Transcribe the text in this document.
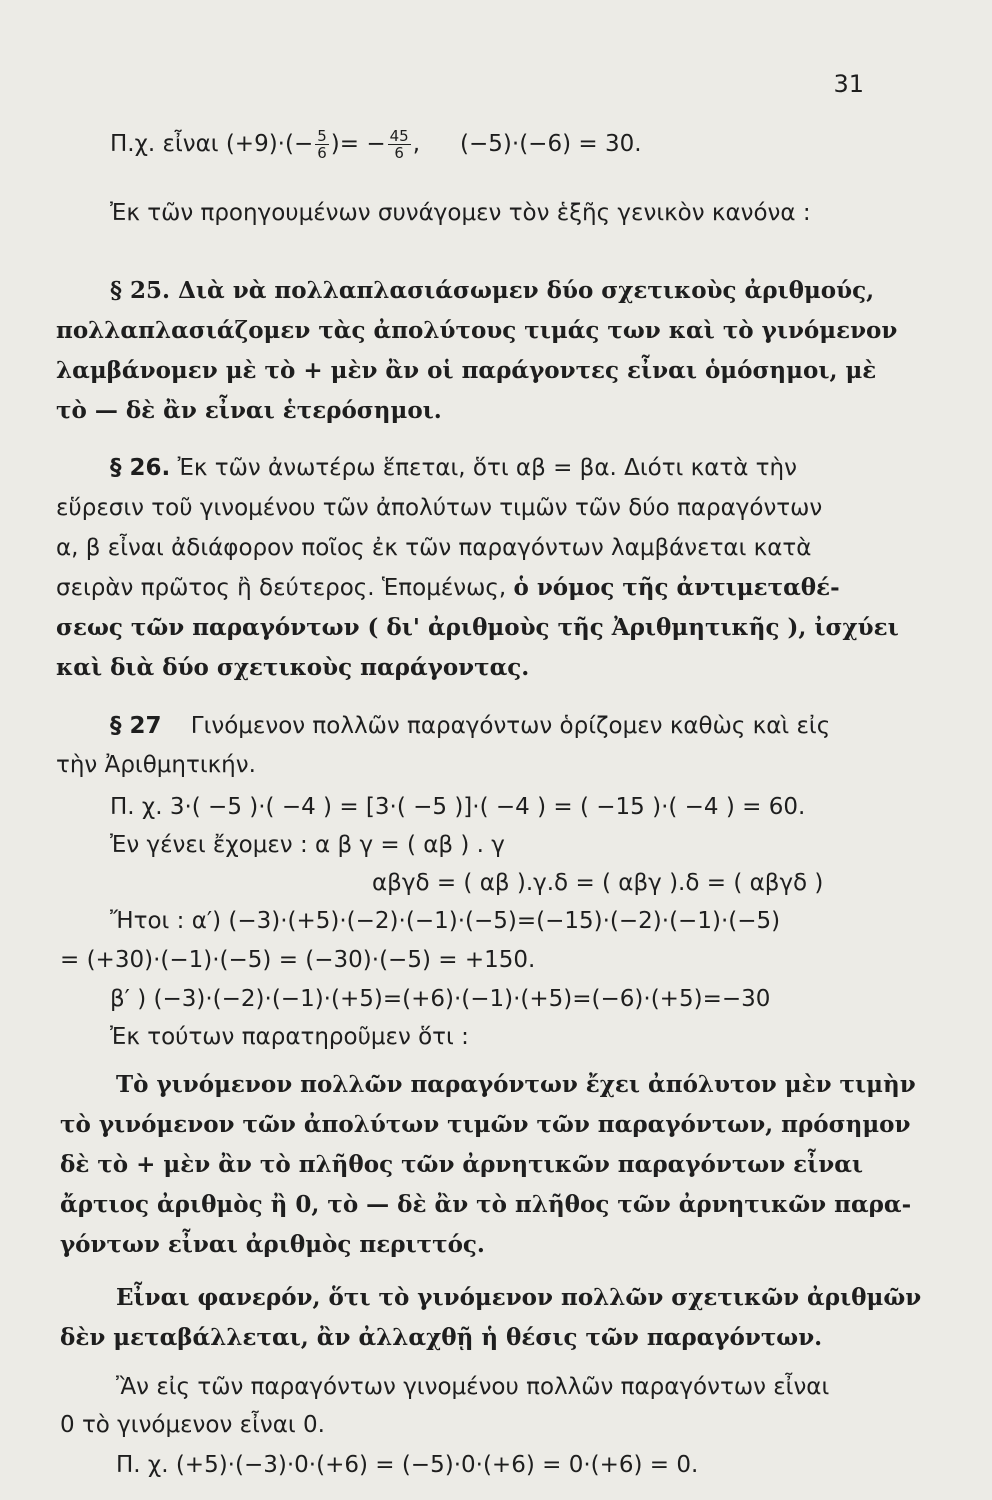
31
Π.χ. εἶναι $(+9)\cdot(- \frac{5}{6}$ )= − $\frac{45}{6}$ , (−5)·(−6) = 30.
Ἐκ τῶν προηγουμένων συνάγομεν τὸν ἑξῆς γενικὸν κανόνα :
§ 25. Διὰ νὰ πολλαπλασιάσωμεν δύο σχετικοὺς ἀριθμούς,
πολλαπλασιάζομεν τὰς ἀπολύτους τιμάς των καὶ τὸ γινόμενον
λαμβάνομεν μὲ τὸ + μὲν ἂν οἱ παράγοντες εἶναι ὁμόσημοι, μὲ
τὸ — δὲ ἂν εἶναι ἑτερόσημοι.
§ 26. Ἐκ τῶν ἀνωτέρω ἕπεται, ὅτι αβ = βα. Διότι κατὰ τὴν
εὕρεσιν τοῦ γινομένου τῶν ἀπολύτων τιμῶν τῶν δύο παραγόντων
α, β εἶναι ἀδιάφορον ποῖος ἐκ τῶν παραγόντων λαμβάνεται κατὰ
σειρὰν πρῶτος ἢ δεύτερος. Ἑπομένως, ὁ νόμος τῆς ἀντιμεταθέ-
σεως τῶν παραγόντων ( δι' ἀριθμοὺς τῆς Ἀριθμητικῆς ), ἰσχύει
καὶ διὰ δύο σχετικοὺς παράγοντας.
§ 27 Γινόμενον πολλῶν παραγόντων ὁρίζομεν καθὼς καὶ εἰς
τὴν Ἀριθμητικήν.
Π. χ. 3·( −5 )·( −4 ) = [3·( −5 )]·( −4 ) = ( −15 )·( −4 ) = 60.
Ἐν γένει ἔχομεν : α β γ = ( αβ ) . γ
αβγδ = ( αβ ).γ.δ = ( αβγ ).δ = ( αβγδ )
Ἤτοι : α′) (−3)·(+5)·(−2)·(−1)·(−5)=(−15)·(−2)·(−1)·(−5)
= (+30)·(−1)·(−5) = (−30)·(−5) = +150.
β′ ) (−3)·(−2)·(−1)·(+5)=(+6)·(−1)·(+5)=(−6)·(+5)=−30
Ἐκ τούτων παρατηροῦμεν ὅτι :
Τὸ γινόμενον πολλῶν παραγόντων ἔχει ἀπόλυτον μὲν τιμὴν
τὸ γινόμενον τῶν ἀπολύτων τιμῶν τῶν παραγόντων, πρόσημον
δὲ τὸ + μὲν ἂν τὸ πλῆθος τῶν ἀρνητικῶν παραγόντων εἶναι
ἄρτιος ἀριθμὸς ἢ 0, τὸ — δὲ ἂν τὸ πλῆθος τῶν ἀρνητικῶν παρα-
γόντων εἶναι ἀριθμὸς περιττός.
Εἶναι φανερόν, ὅτι τὸ γινόμενον πολλῶν σχετικῶν ἀριθμῶν
δὲν μεταβάλλεται, ἂν ἀλλαχθῇ ἡ θέσις τῶν παραγόντων.
Ἂν εἰς τῶν παραγόντων γινομένου πολλῶν παραγόντων εἶναι
0 τὸ γινόμενον εἶναι 0.
Π. χ. (+5)·(−3)·0·(+6) = (−5)·0·(+6) = 0·(+6) = 0.
